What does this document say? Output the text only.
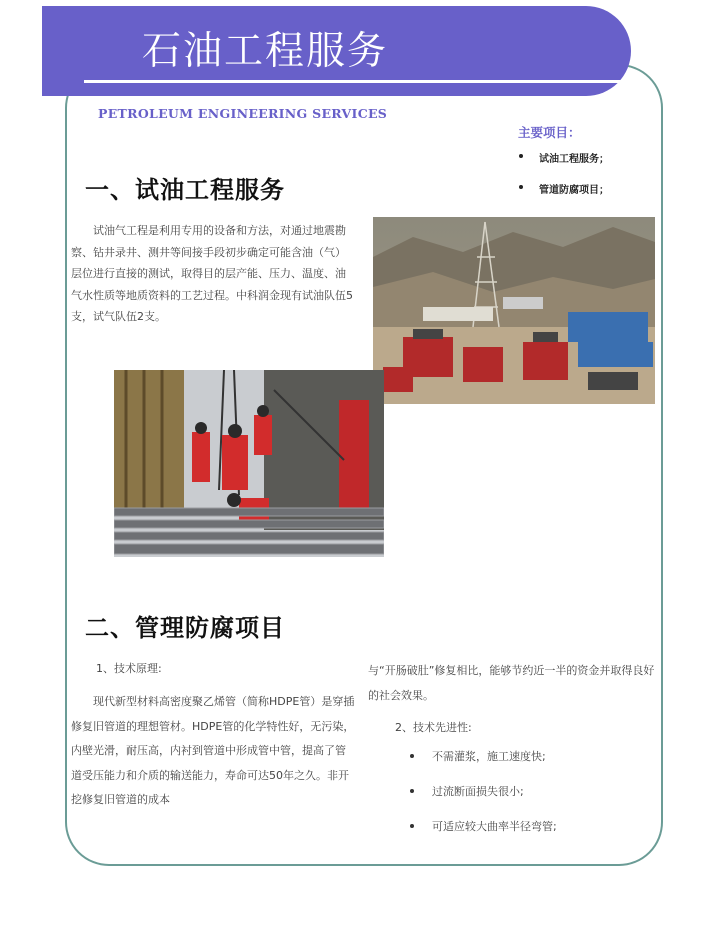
石油工程服务
PETROLEUM ENGINEERING SERVICES
主要项目：
试油工程服务；
管道防腐项目；
一、试油工程服务

试油气工程是利用专用的设备和方法，对通过地震勘察、钻井录井、测井等间接手段初步确定可能含油（气）层位进行直接的测试，取得目的层产能、压力、温度、油气水性质等地质资料的工艺过程。中科润金现有试油队伍5支，试气队伍2支。

二、管理防腐项目
1、技术原理:

现代新型材料高密度聚乙烯管（简称HDPE管）是穿插修复旧管道的理想管材。HDPE管的化学特性好，无污染，内壁光滑，耐压高，内衬到管道中形成管中管，提高了管道受压能力和介质的输送能力，寿命可达50年之久。非开挖修复旧管道的成本

与“开肠破肚”修复相比，能够节约近一半的资金并取得良好的社会效果。

2、技术先进性:
不需灌浆，施工速度快;
过流断面损失很小;
可适应较大曲率半径弯管;
